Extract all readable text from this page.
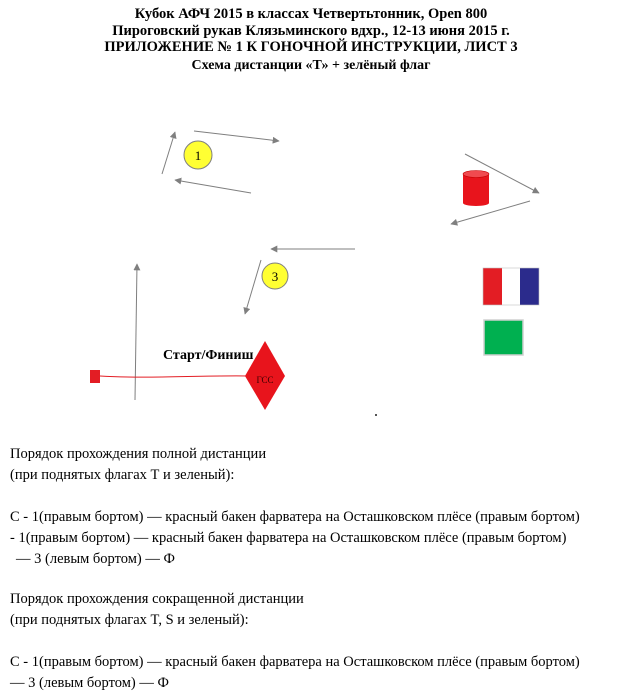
Кубок АФЧ 2015 в классах Четвертьтонник, Open 800
Пироговский рукав Клязьминского вдхр., 12-13 июня 2015 г.
ПРИЛОЖЕНИЕ № 1 К ГОНОЧНОЙ ИНСТРУКЦИИ, ЛИСТ 3
Схема дистанции «Т» + зелёный флаг
1
3
ГСС
Старт/Финиш
Порядок прохождения полной дистанции
(при поднятых флагах Т и зеленый):
С - 1(правым бортом) — красный бакен фарватера на Осташковском плёсе (правым бортом)
- 1(правым бортом) — красный бакен фарватера на Осташковском плёсе (правым бортом)
— 3 (левым бортом) — Ф
Порядок прохождения сокращенной дистанции
(при поднятых флагах T, S и зеленый):
С - 1(правым бортом) — красный бакен фарватера на Осташковском плёсе (правым бортом)
— 3 (левым бортом) — Ф
